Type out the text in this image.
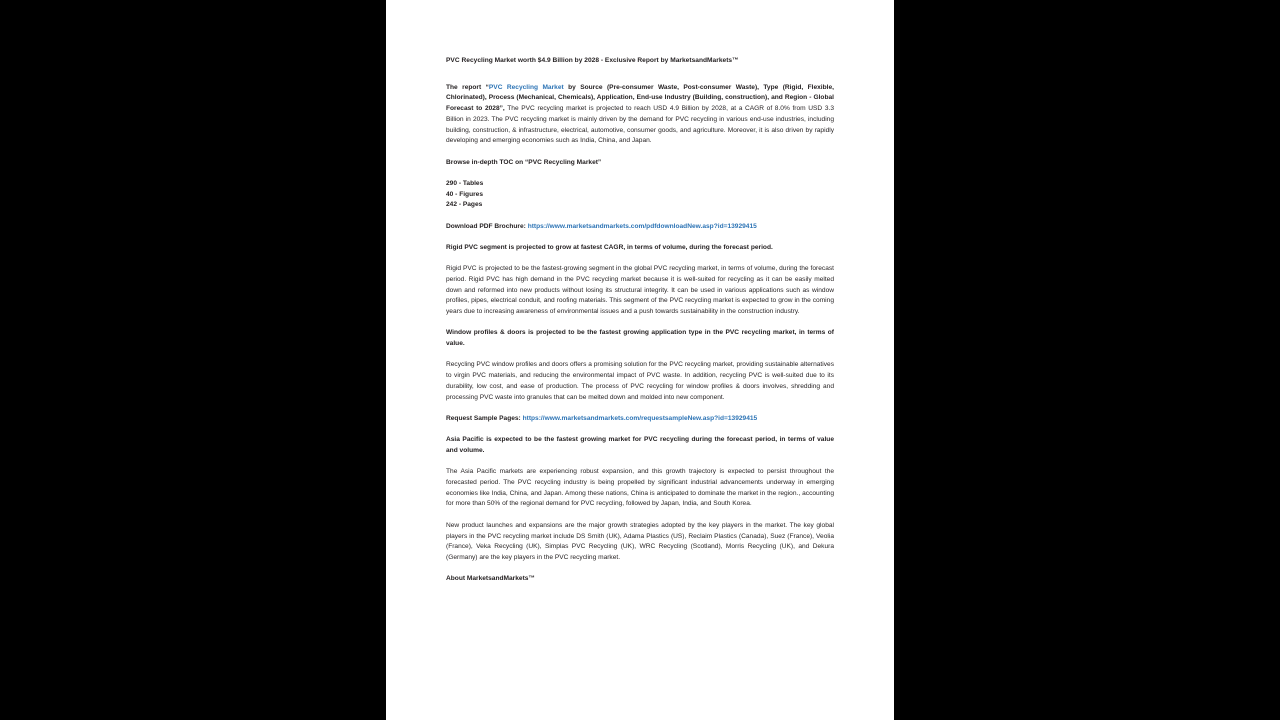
PVC Recycling Market worth $4.9 Billion by 2028 - Exclusive Report by MarketsandMarkets™

The report “PVC Recycling Market by Source (Pre-consumer Waste, Post-consumer Waste), Type (Rigid, Flexible, Chlorinated), Process (Mechanical, Chemicals), Application, End-use Industry (Building, construction), and Region - Global Forecast to 2028”, The PVC recycling market is projected to reach USD 4.9 Billion by 2028, at a CAGR of 8.0% from USD 3.3 Billion in 2023. The PVC recycling market is mainly driven by the demand for PVC recycling in various end-use industries, including building, construction, & infrastructure, electrical, automotive, consumer goods, and agriculture. Moreover, it is also driven by rapidly developing and emerging economies such as India, China, and Japan.

Browse in-depth TOC on “PVC Recycling Market”

290 - Tables
40 - Figures
242 - Pages

Download PDF Brochure: https://www.marketsandmarkets.com/pdfdownloadNew.asp?id=13929415

Rigid PVC segment is projected to grow at fastest CAGR, in terms of volume, during the forecast period.

Rigid PVC is projected to be the fastest-growing segment in the global PVC recycling market, in terms of volume, during the forecast period. Rigid PVC has high demand in the PVC recycling market because it is well-suited for recycling as it can be easily melted down and reformed into new products without losing its structural integrity. It can be used in various applications such as window profiles, pipes, electrical conduit, and roofing materials. This segment of the PVC recycling market is expected to grow in the coming years due to increasing awareness of environmental issues and a push towards sustainability in the construction industry.

Window profiles & doors is projected to be the fastest growing application type in the PVC recycling market, in terms of value.

Recycling PVC window profiles and doors offers a promising solution for the PVC recycling market, providing sustainable alternatives to virgin PVC materials, and reducing the environmental impact of PVC waste. In addition, recycling PVC is well-suited due to its durability, low cost, and ease of production. The process of PVC recycling for window profiles & doors involves, shredding and processing PVC waste into granules that can be melted down and molded into new component.

Request Sample Pages: https://www.marketsandmarkets.com/requestsampleNew.asp?id=13929415

Asia Pacific is expected to be the fastest growing market for PVC recycling during the forecast period, in terms of value and volume.

The Asia Pacific markets are experiencing robust expansion, and this growth trajectory is expected to persist throughout the forecasted period. The PVC recycling industry is being propelled by significant industrial advancements underway in emerging economies like India, China, and Japan. Among these nations, China is anticipated to dominate the market in the region., accounting for more than 50% of the regional demand for PVC recycling, followed by Japan, India, and South Korea.

New product launches and expansions are the major growth strategies adopted by the key players in the market. The key global players in the PVC recycling market include DS Smith (UK), Adama Plastics (US), Reclaim Plastics (Canada), Suez (France), Veolia (France), Veka Recycling (UK), Simplas PVC Recycling (UK), WRC Recycling (Scotland), Morris Recycling (UK), and Dekura (Germany) are the key players in the PVC recycling market.

About MarketsandMarkets™
